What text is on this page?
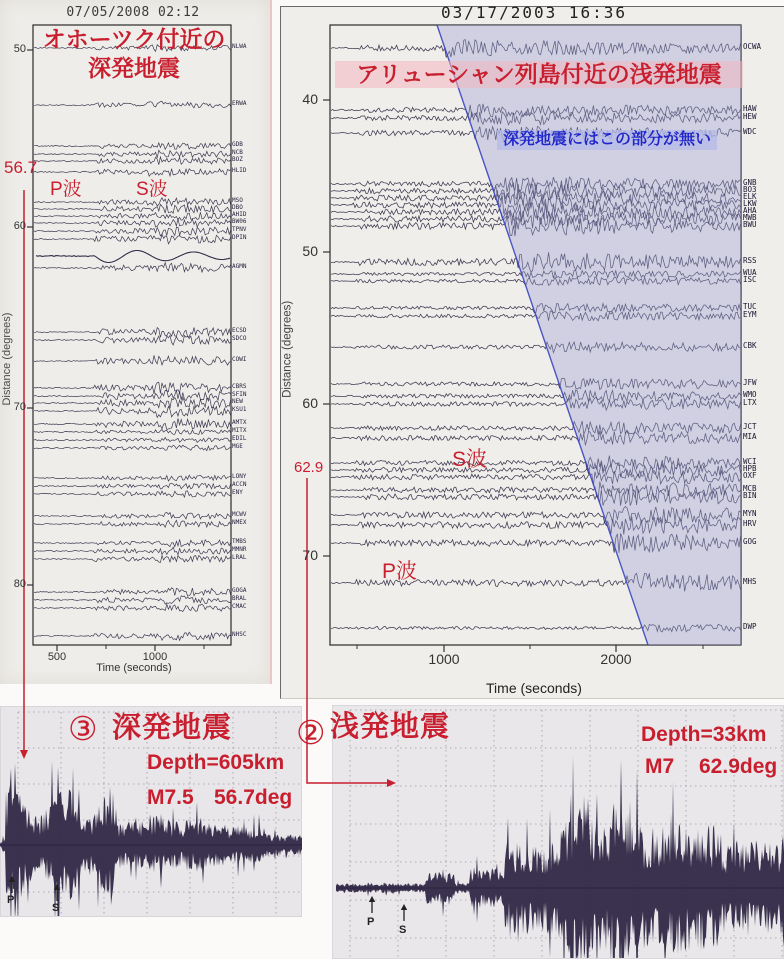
07/05/2008 02:12
オホーツク付近の
深発地震
Distance (degrees)
56.7
P波	S波
Time (seconds)
03/17/2003 16:36
アリューシャン列島付近の浅発地震
深発地震にはこの部分が無い
Distance (degrees)
62.9	S波
P波
Time (seconds)
③ 深発地震
Depth=605km
M7.5 56.7deg
P
S
② 浅発地震	Depth=33km
M7 62.9deg
P
S
NLWA
ERWA
GDB
NCB
BOZ
HLID
MSO
DBO
AHID
BW06
TPNV
DPIN
AGMN
ECSD
SDCO
COWI
CBRS
SFIN
NEW
KSU1
AMTX
MITX
EDIL
MGE
LONY
ACCN
ENY
MCWV
NMEX
TMBS
MMNR
LRAL
GOGA
BRAL
CMAC
NHSC
50
60
70
80
500	1000
OCWA
HAW
HEW
WDC
GNB
BO3
ELK
LKW
AHA
MWB
BWU
RSS
WUA
ISC
TUC
EYM
CBK
JFW
WMO
LTX
JCT
MIA
WCI
HPB
OXF
MCB
BIN
MYN
HRV
GOG
MHS
DWP
40
50
60
70
1000	2000
